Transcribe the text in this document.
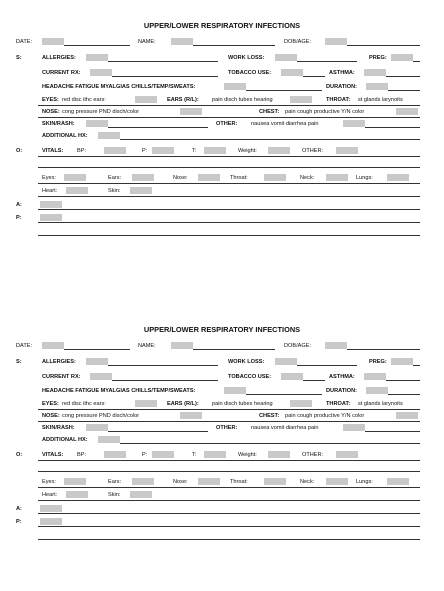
UPPER/LOWER RESPIRATORY INFECTIONS
DATE:	NAME:	DOB/AGE:
S:	ALLERGIES:	WORK LOSS:	PREG:
CURRENT RX:	TOBACCO USE:	ASTHMA:
HEADACHE FATIGUE MYALGIAS CHILLS/TEMP/SWEATS:	DURATION:
EYES: red disc ithc ears:	EARS (R/L): pain disch tubes hearing	THROAT: st glands larynoits
NOSE: cong pressure PND disch/color	CHEST: pain cough productive Y/N color
SKIN/RASH:	OTHER: nausea vomit diarrhea pain
ADDITIONAL HX:
O:	VITALS: BP:	P:	T:	Weight:	OTHER:
Eyes:	Ears:	Nose:	Throat:	Neck:	Lungs:
Heart:	Skin:
A:
P:
UPPER/LOWER RESPIRATORY INFECTIONS
DATE:	NAME:	DOB/AGE:
S:	ALLERGIES:	WORK LOSS:	PREG:
CURRENT RX:	TOBACCO USE:	ASTHMA:
HEADACHE FATIGUE MYALGIAS CHILLS/TEMP/SWEATS:	DURATION:
EYES: red disc ithc ears:	EARS (R/L): pain disch tubes hearing	THROAT: st glands larynoits
NOSE: cong pressure PND disch/color	CHEST: pain cough productive Y/N color
SKIN/RASH:	OTHER: nausea vomit diarrhea pain
ADDITIONAL HX:
O:	VITALS: BP:	P:	T:	Weight:	OTHER:
Eyes:	Ears:	Nose:	Throat:	Neck:	Lungs:
Heart:	Skin:
A:
P:
